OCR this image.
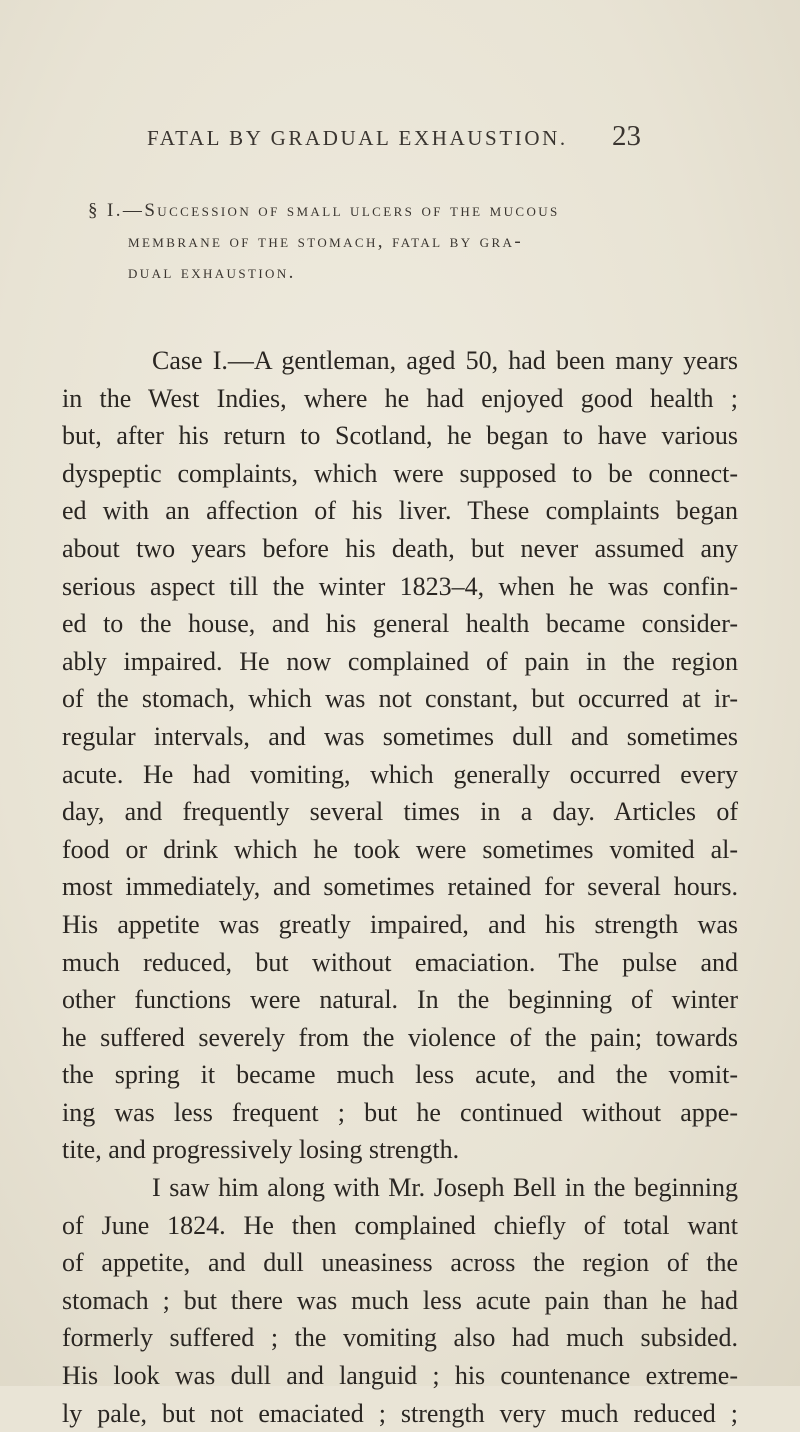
FATAL BY GRADUAL EXHAUSTION. 23
§ I.—Succession of small ulcers of the mucous
membrane of the stomach, fatal by gra-
dual exhaustion.
Case I.—A gentleman, aged 50, had been many years
in the West Indies, where he had enjoyed good health ;
but, after his return to Scotland, he began to have various
dyspeptic complaints, which were supposed to be connect-
ed with an affection of his liver. These complaints began
about two years before his death, but never assumed any
serious aspect till the winter 1823–4, when he was confin-
ed to the house, and his general health became consider-
ably impaired. He now complained of pain in the region
of the stomach, which was not constant, but occurred at ir-
regular intervals, and was sometimes dull and sometimes
acute. He had vomiting, which generally occurred every
day, and frequently several times in a day. Articles of
food or drink which he took were sometimes vomited al-
most immediately, and sometimes retained for several hours.
His appetite was greatly impaired, and his strength was
much reduced, but without emaciation. The pulse and
other functions were natural. In the beginning of winter
he suffered severely from the violence of the pain; towards
the spring it became much less acute, and the vomit-
ing was less frequent ; but he continued without appe-
tite, and progressively losing strength.
I saw him along with Mr. Joseph Bell in the beginning
of June 1824. He then complained chiefly of total want
of appetite, and dull uneasiness across the region of the
stomach ; but there was much less acute pain than he had
formerly suffered ; the vomiting also had much subsided.
His look was dull and languid ; his countenance extreme-
ly pale, but not emaciated ; strength very much reduced ;
